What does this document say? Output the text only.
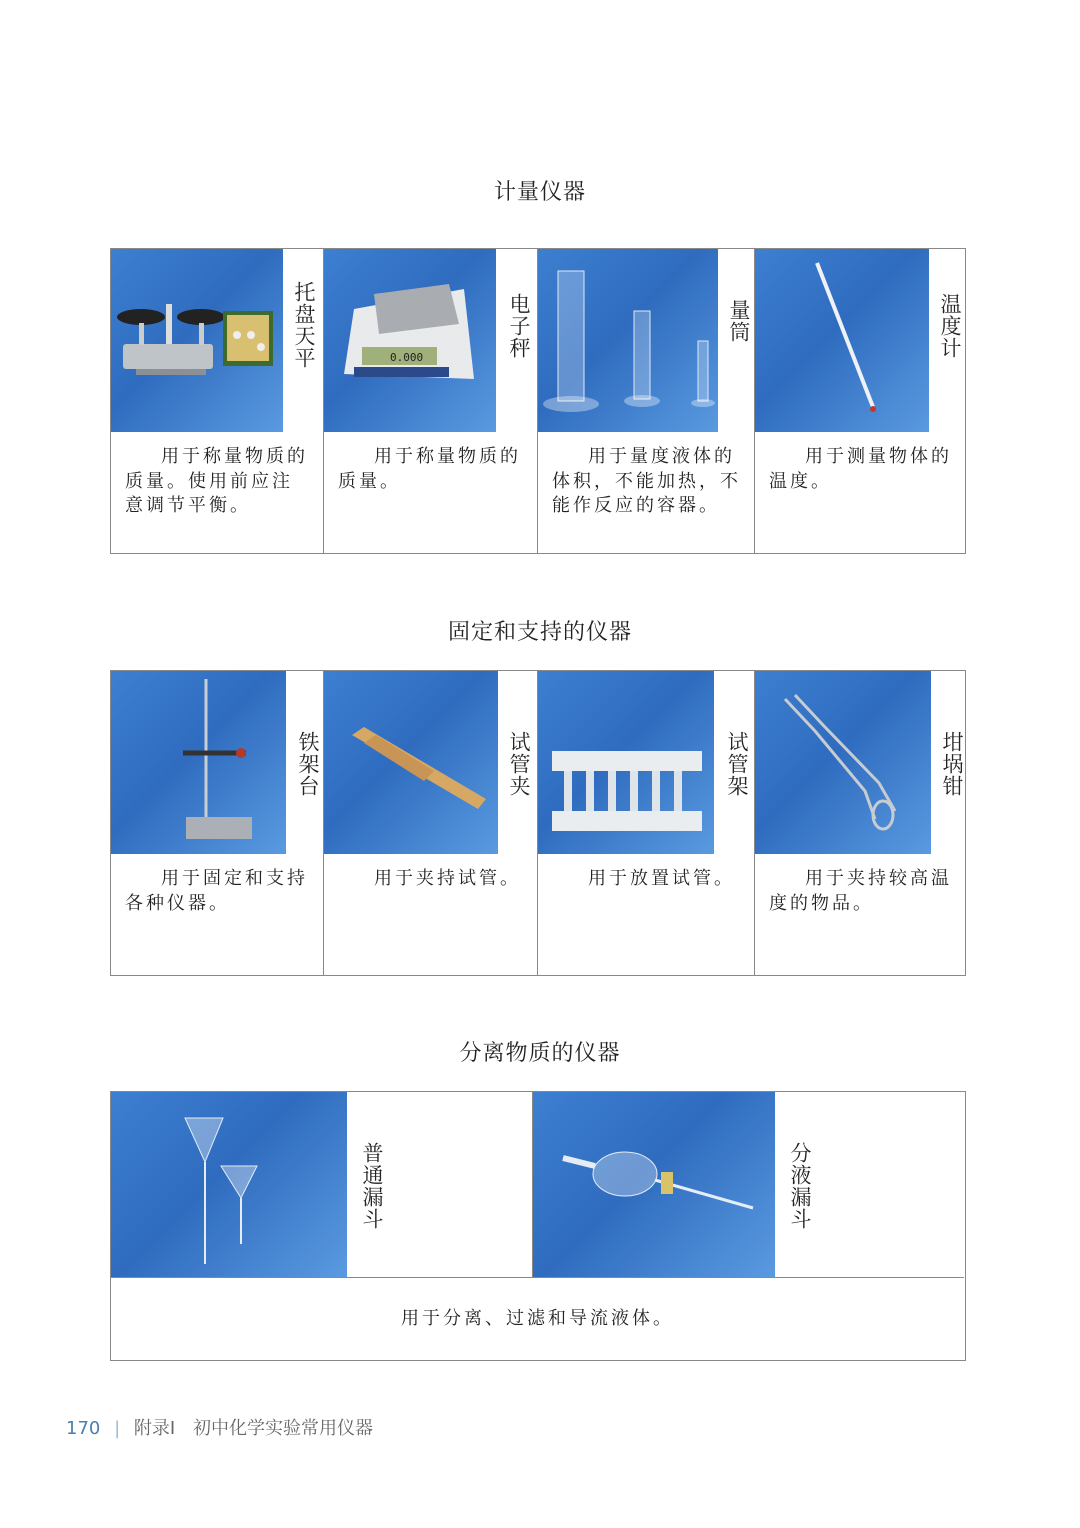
计量仪器
托盘天平
用于称量物质的质量。使用前应注意调节平衡。
0.000	电子秤
用于称量物质的质量。
量筒
用于量度液体的体积，不能加热，不能作反应的容器。
温度计
用于测量物体的温度。
固定和支持的仪器
铁架台
用于固定和支持各种仪器。
试管夹
用于夹持试管。
试管架
用于放置试管。
坩埚钳
用于夹持较高温度的物品。
分离物质的仪器
普通漏斗	分液漏斗
用于分离、过滤和导流液体。
170 | 附录Ⅰ 初中化学实验常用仪器
